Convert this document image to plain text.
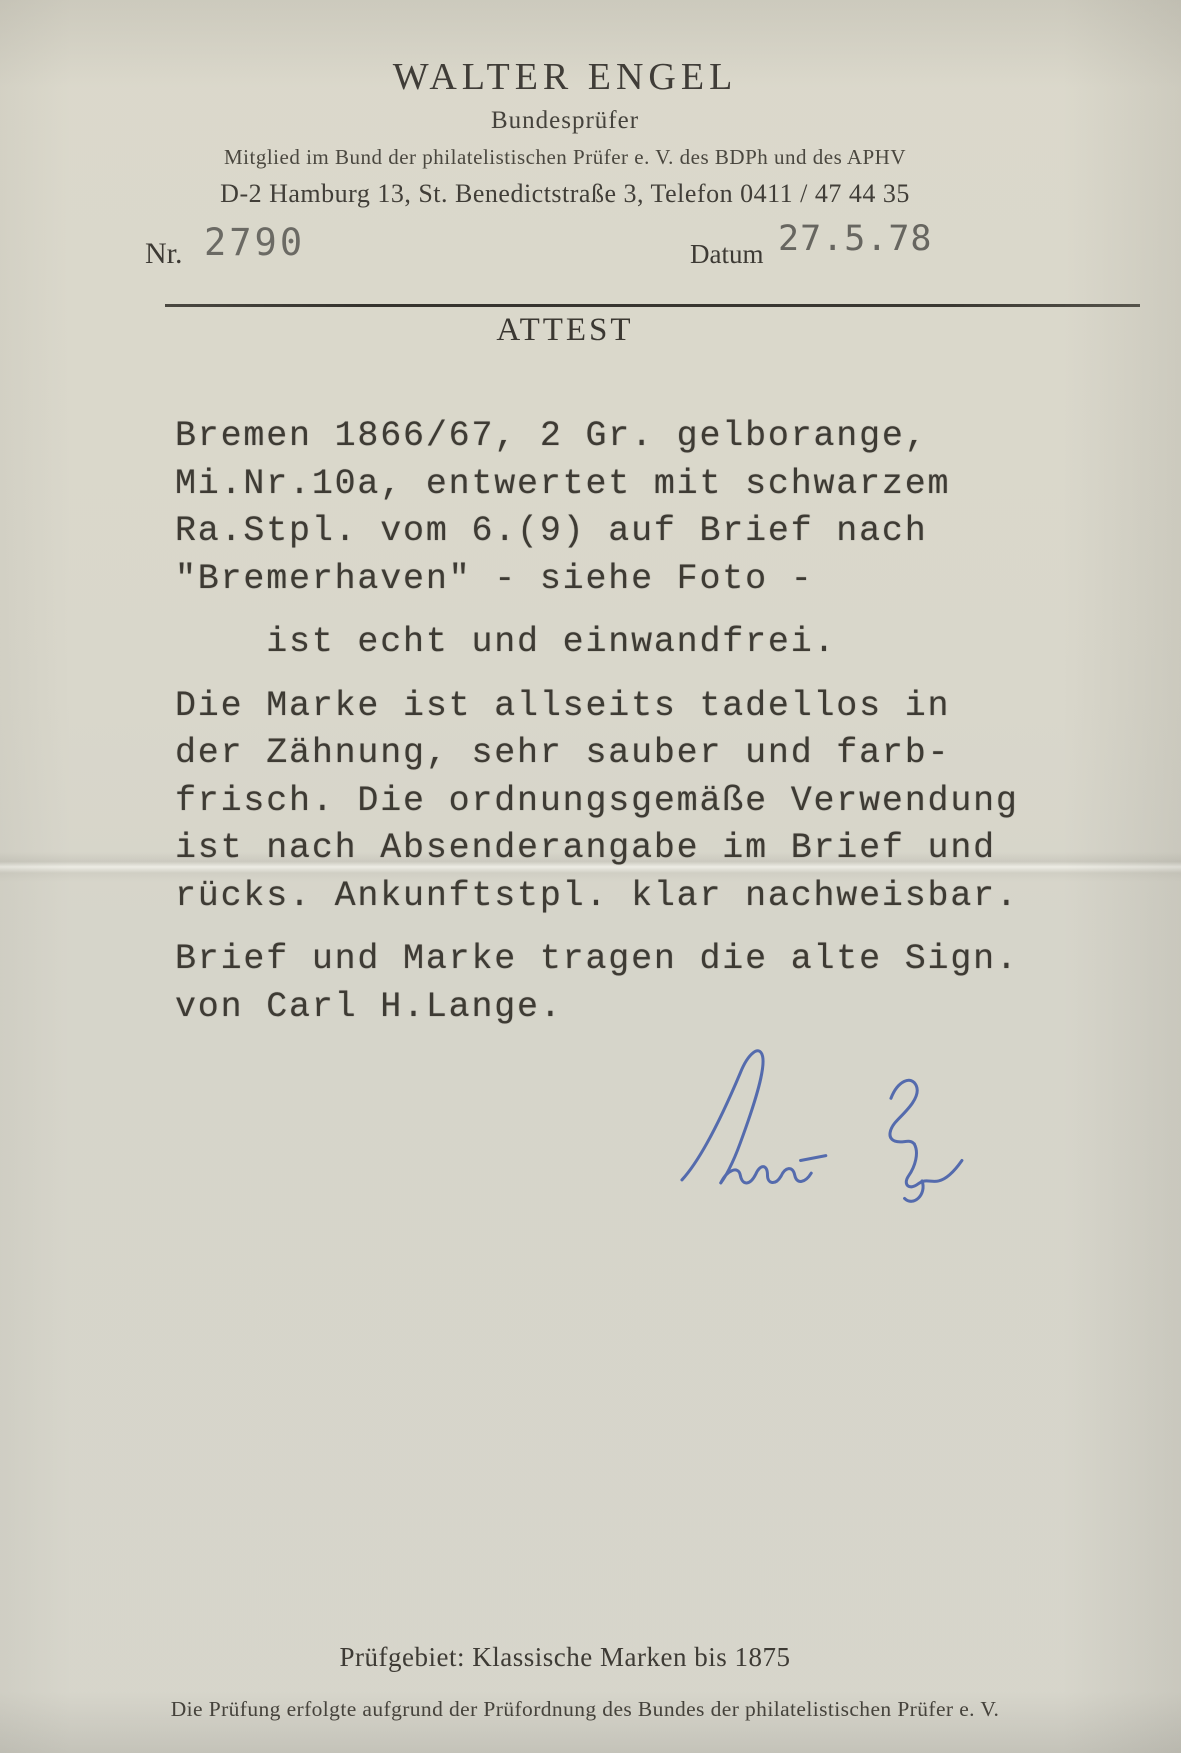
WALTER ENGEL
Bundesprüfer
Mitglied im Bund der philatelistischen Prüfer e. V. des BDPh und des APHV
D-2 Hamburg 13, St. Benedictstraße 3, Telefon 0411 / 47 44 35
Nr. 2790	Datum 27.5.78
ATTEST
Bremen 1866/67, 2 Gr. gelborange,
Mi.Nr.10a, entwertet mit schwarzem
Ra.Stpl. vom 6.(9) auf Brief nach
"Bremerhaven" - siehe Foto -
ist echt und einwandfrei.
Die Marke ist allseits tadellos in
der Zähnung, sehr sauber und farb-
frisch. Die ordnungsgemäße Verwendung
ist nach Absenderangabe im Brief und
rücks. Ankunftstpl. klar nachweisbar.
Brief und Marke tragen die alte Sign.
von Carl H.Lange.
Prüfgebiet: Klassische Marken bis 1875
Die Prüfung erfolgte aufgrund der Prüfordnung des Bundes der philatelistischen Prüfer e. V.
